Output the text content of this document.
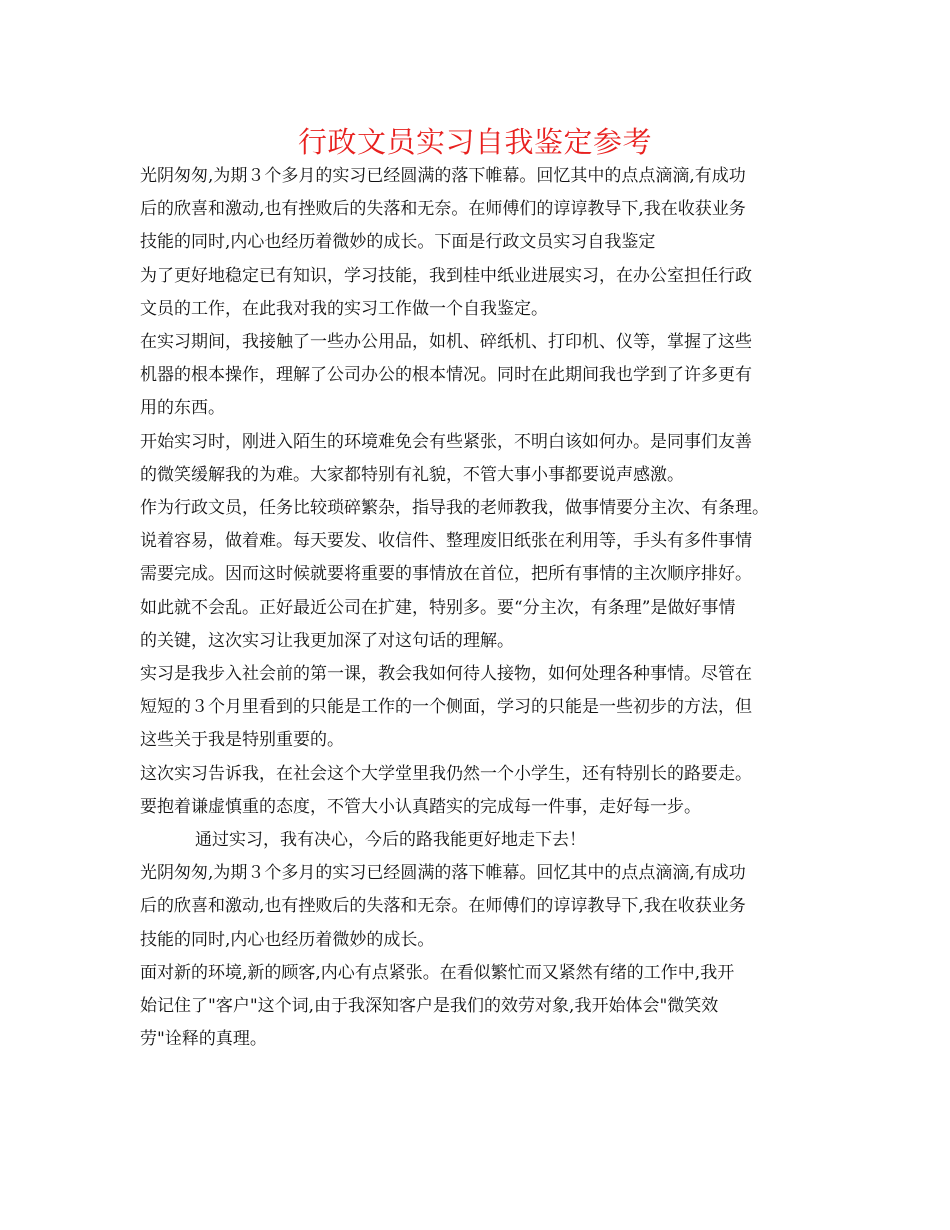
行政文员实习自我鉴定参考

光阴匆匆,为期３个多月的实习已经圆满的落下帷幕。回忆其中的点点滴滴,有成功

后的欣喜和激动,也有挫败后的失落和无奈。在师傅们的谆谆教导下,我在收获业务

技能的同时,内心也经历着微妙的成长。下面是行政文员实习自我鉴定

为了更好地稳定已有知识，学习技能，我到桂中纸业进展实习，在办公室担任行政

文员的工作，在此我对我的实习工作做一个自我鉴定。

在实习期间，我接触了一些办公用品，如机、碎纸机、打印机、仪等，掌握了这些

机器的根本操作，理解了公司办公的根本情况。同时在此期间我也学到了许多更有

用的东西。

开始实习时，刚进入陌生的环境难免会有些紧张，不明白该如何办。是同事们友善

的微笑缓解我的为难。大家都特别有礼貌，不管大事小事都要说声感激。

作为行政文员，任务比较琐碎繁杂，指导我的老师教我，做事情要分主次、有条理。

说着容易，做着难。每天要发、收信件、整理废旧纸张在利用等，手头有多件事情

需要完成。因而这时候就要将重要的事情放在首位，把所有事情的主次顺序排好。

如此就不会乱。正好最近公司在扩建，特别多。要“分主次，有条理”是做好事情

的关键，这次实习让我更加深了对这句话的理解。

实习是我步入社会前的第一课，教会我如何待人接物，如何处理各种事情。尽管在

短短的３个月里看到的只能是工作的一个侧面，学习的只能是一些初步的方法，但

这些关于我是特别重要的。

这次实习告诉我，在社会这个大学堂里我仍然一个小学生，还有特别长的路要走。

要抱着谦虚慎重的态度，不管大小认真踏实的完成每一件事，走好每一步。

通过实习，我有决心，今后的路我能更好地走下去！

光阴匆匆,为期３个多月的实习已经圆满的落下帷幕。回忆其中的点点滴滴,有成功

后的欣喜和激动,也有挫败后的失落和无奈。在师傅们的谆谆教导下,我在收获业务

技能的同时,内心也经历着微妙的成长。

面对新的环境,新的顾客,内心有点紧张。在看似繁忙而又紧然有绪的工作中,我开

始记住了"客户"这个词,由于我深知客户是我们的效劳对象,我开始体会"微笑效

劳"诠释的真理。
